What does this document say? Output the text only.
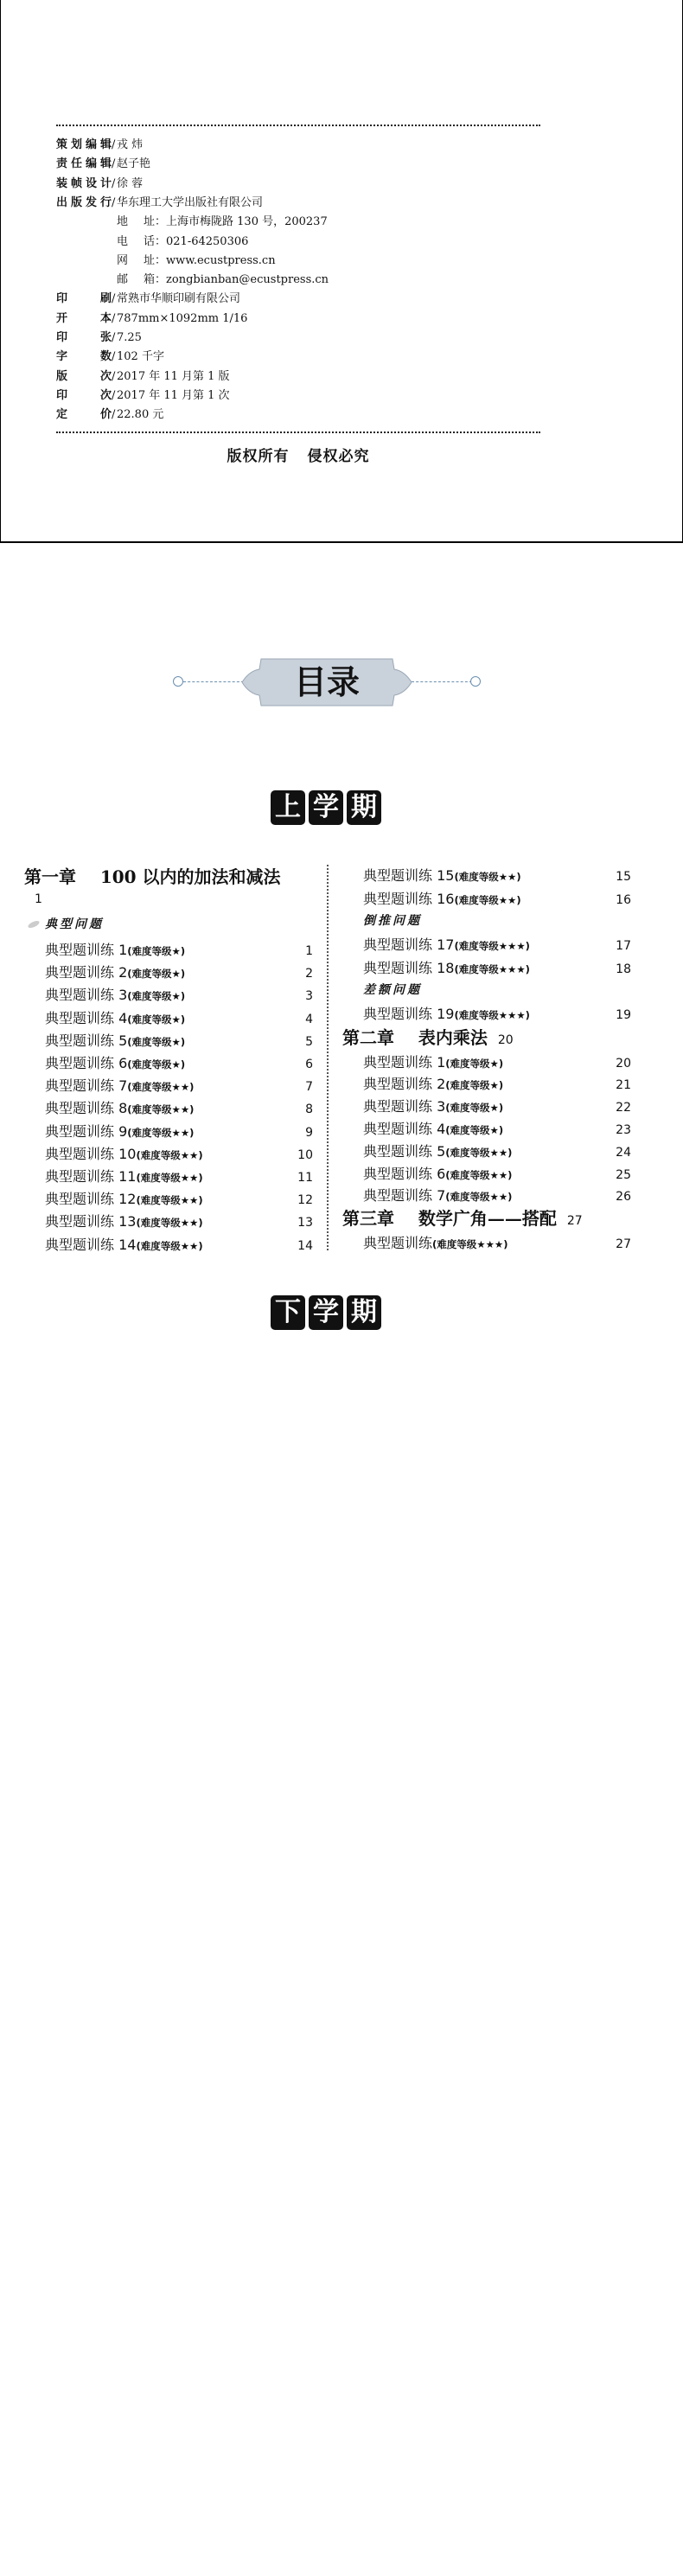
策划编辑/ 戎 炜
责任编辑/ 赵子艳
装帧设计/ 徐 蓉
出版发行/ 华东理工大学出版社有限公司
地 址：上海市梅陇路 130 号，200237
电 话：021-64250306
网 址：www.ecustpress.cn
邮 箱：zongbianban@ecustpress.cn
印 刷/ 常熟市华顺印刷有限公司
开 本/ 787mm×1092mm 1/16
印 张/ 7.25
字 数/ 102 千字
版 次/ 2017 年 11 月第 1 版
印 次/ 2017 年 11 月第 1 次
定 价/ 22.80 元
版权所有 侵权必究
目录
上 学 期
下 学 期
第一章    100 以内的加法和减法
1
典型问题
典型题训练 1 (难度等级★)	1
典型题训练 2 (难度等级★)	2
典型题训练 3 (难度等级★)	3
典型题训练 4 (难度等级★)	4
典型题训练 5 (难度等级★)	5
典型题训练 6 (难度等级★)	6
典型题训练 7 (难度等级★★)	7
典型题训练 8 (难度等级★★)	8
典型题训练 9 (难度等级★★)	9
典型题训练 10 (难度等级★★)	10
典型题训练 11 (难度等级★★)	11
典型题训练 12 (难度等级★★)	12
典型题训练 13 (难度等级★★)	13
典型题训练 14 (难度等级★★)	14
典型题训练 15 (难度等级★★)	15
典型题训练 16 (难度等级★★)	16
倒推问题
典型题训练 17 (难度等级★★★)	17
典型题训练 18 (难度等级★★★)	18
差额问题
典型题训练 19 (难度等级★★★)	19
第二章    表内乘法 20
典型题训练 1 (难度等级★)	20
典型题训练 2 (难度等级★)	21
典型题训练 3 (难度等级★)	22
典型题训练 4 (难度等级★)	23
典型题训练 5 (难度等级★★)	24
典型题训练 6 (难度等级★★)	25
典型题训练 7 (难度等级★★)	26
第三章    数学广角——搭配 27
典型题训练 (难度等级★★★)	27
